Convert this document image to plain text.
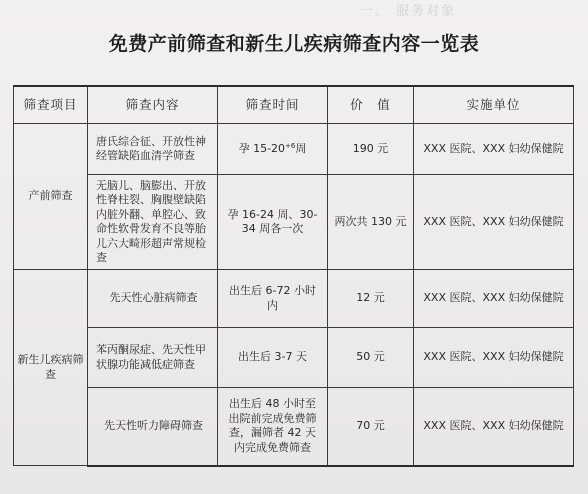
一、 服务对象
免费产前筛查和新生儿疾病筛查内容一览表
筛查项目	筛查内容	筛查时间	价　值	实施单位
产前筛查	唐氏综合征、开放性神经管缺陷血清学筛查	孕 $15-20^{+6}$周	190 元	XXX 医院、XXX 妇幼保健院
	无脑儿、脑膨出、开放性脊柱裂、胸腹壁缺陷内脏外翻、单腔心、致命性软骨发育不良等胎儿六大畸形超声常规检查	孕 16-24 周、30-34 周各一次	两次共 130 元	XXX 医院、XXX 妇幼保健院
新生儿疾病筛查	先天性心脏病筛查	出生后 6-72 小时内	12 元	XXX 医院、XXX 妇幼保健院
	苯丙酮尿症、先天性甲状腺功能减低症筛查	出生后 3-7 天	50 元	XXX 医院、XXX 妇幼保健院
	先天性听力障碍筛查	出生后 48 小时至出院前完成免费筛查，漏筛者 42 天内完成免费筛查	70 元	XXX 医院、XXX 妇幼保健院
